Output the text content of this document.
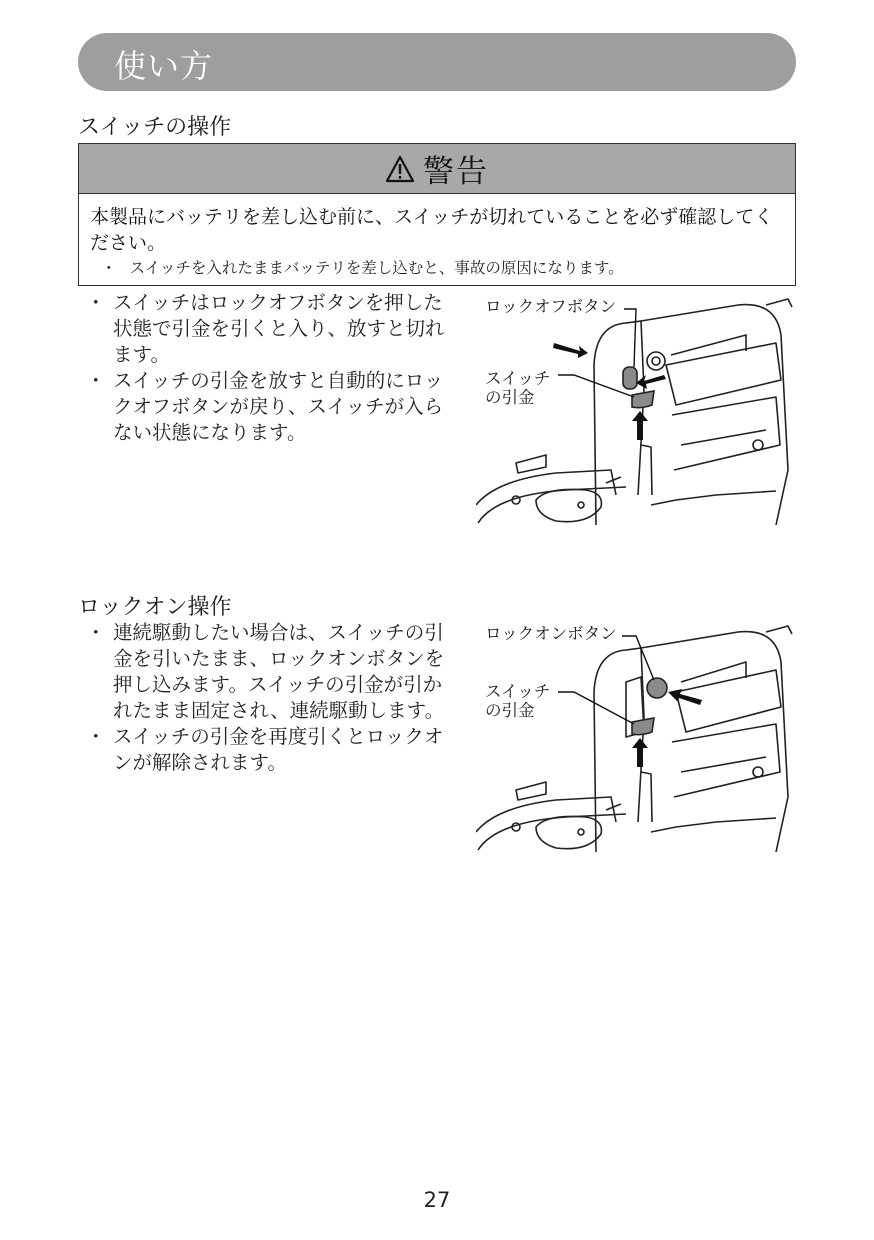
使い方
スイッチの操作
警告
本製品にバッテリを差し込む前に、スイッチが切れていることを必ず確認してください。
・ スイッチを入れたままバッテリを差し込むと、事故の原因になります。
・ スイッチはロックオフボタンを押した状態で引金を引くと入り、放すと切れます。
・ スイッチの引金を放すと自動的にロックオフボタンが戻り、スイッチが入らない状態になります。
ロックオフボタン
スイッチ
の引金
ロックオン操作
・ 連続駆動したい場合は、スイッチの引金を引いたまま、ロックオンボタンを押し込みます。スイッチの引金が引かれたまま固定され、連続駆動します。
・ スイッチの引金を再度引くとロックオンが解除されます。
ロックオンボタン
スイッチ
の引金
27
